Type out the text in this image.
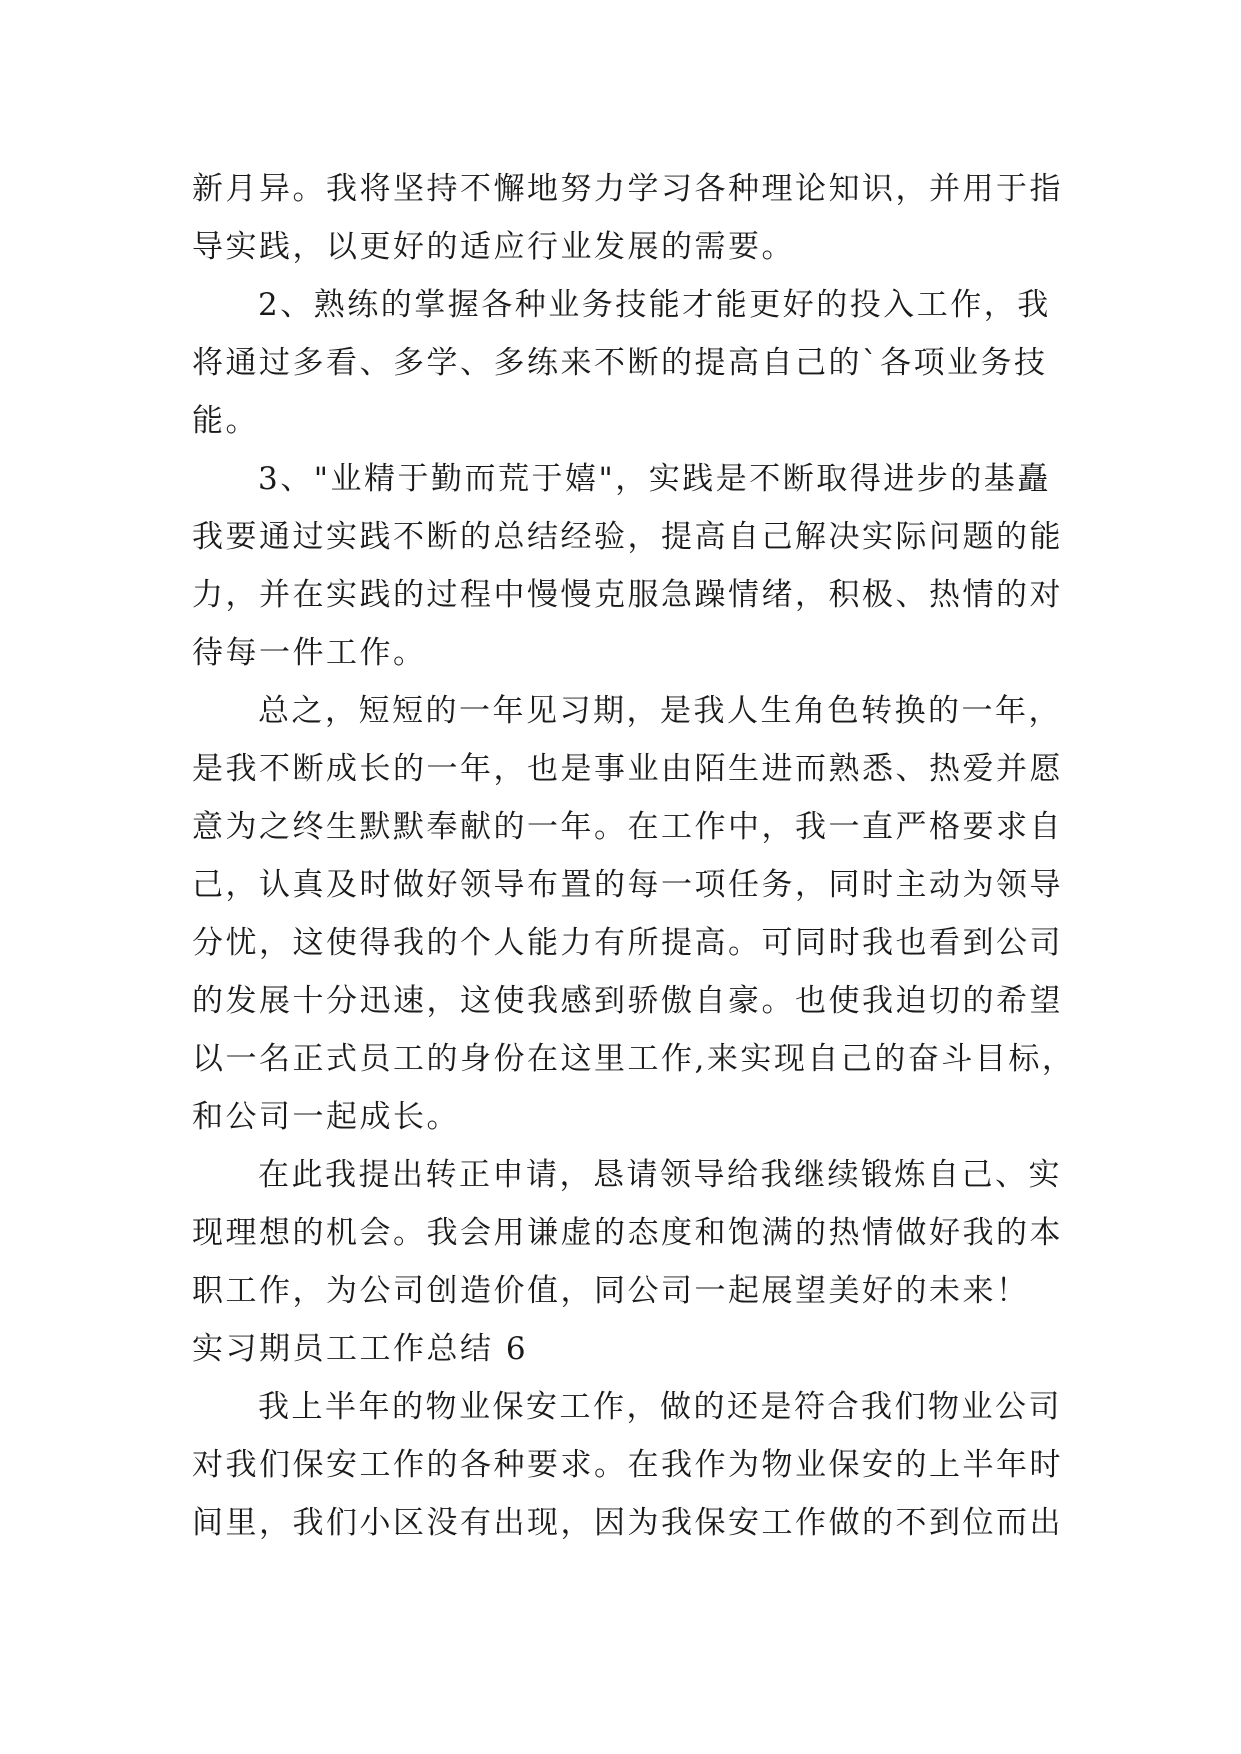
新月异。我将坚持不懈地努力学习各种理论知识，并用于指
导实践，以更好的适应行业发展的需要。
2、熟练的掌握各种业务技能才能更好的投入工作，我
将通过多看、多学、多练来不断的提高自己的`各项业务技
能。
3、"业精于勤而荒于嬉"，实践是不断取得进步的基矗
我要通过实践不断的总结经验，提高自己解决实际问题的能
力，并在实践的过程中慢慢克服急躁情绪，积极、热情的对
待每一件工作。
总之，短短的一年见习期，是我人生角色转换的一年，
是我不断成长的一年，也是事业由陌生进而熟悉、热爱并愿
意为之终生默默奉献的一年。在工作中，我一直严格要求自
己，认真及时做好领导布置的每一项任务，同时主动为领导
分忧，这使得我的个人能力有所提高。可同时我也看到公司
的发展十分迅速，这使我感到骄傲自豪。也使我迫切的希望
以一名正式员工的身份在这里工作,来实现自己的奋斗目标，
和公司一起成长。
在此我提出转正申请，恳请领导给我继续锻炼自己、实
现理想的机会。我会用谦虚的态度和饱满的热情做好我的本
职工作，为公司创造价值，同公司一起展望美好的未来！
实习期员工工作总结 6
我上半年的物业保安工作，做的还是符合我们物业公司
对我们保安工作的各种要求。在我作为物业保安的上半年时
间里，我们小区没有出现，因为我保安工作做的不到位而出
